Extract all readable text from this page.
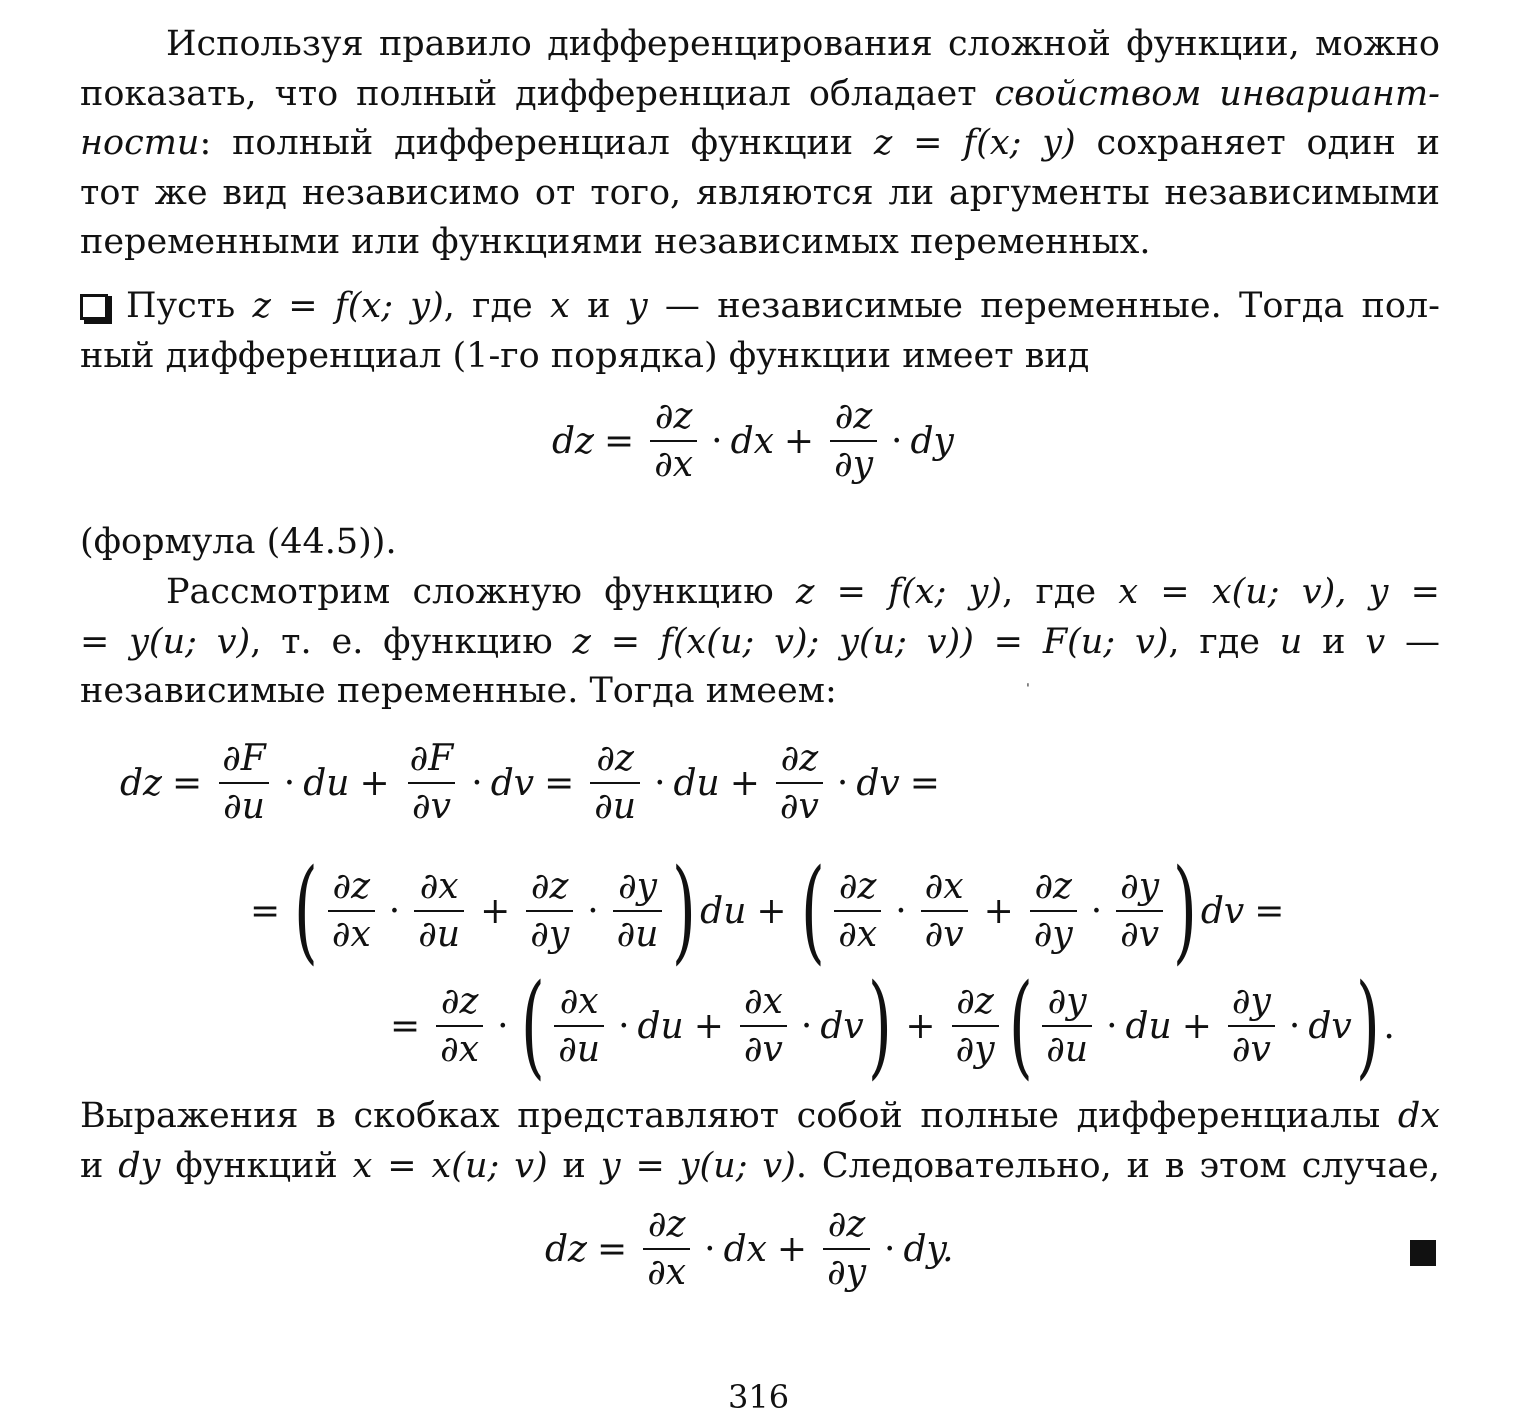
Используя правило дифференцирования сложной функции, можно
показать, что полный дифференциал обладает свойством инвариант-
ности: полный дифференциал функции z = f(x; y) сохраняет один и
тот же вид независимо от того, являются ли аргументы независимыми
переменными или функциями независимых переменных.
Пусть z = f(x; y), где x и y — независимые переменные. Тогда пол-
ный дифференциал (1-го порядка) функции имеет вид
dz = $\frac{\partial z}{\partial x}$ · dx + $\frac{\partial z}{\partial y}$ · dy
(формула (44.5)).
Рассмотрим сложную функцию z = f(x; y), где x = x(u; v), y =
= y(u; v), т. е. функцию z = f(x(u; v); y(u; v)) = F(u; v), где u и v —
независимые переменные. Тогда имеем:	ˈ
dz = $\frac{\partial F}{\partial u}$ · du + $\frac{\partial F}{\partial v}$ · dv = $\frac{\partial z}{\partial u}$ · du + $\frac{\partial z}{\partial v}$ · dv =
= ( $\frac{\partial z}{\partial x} \cdot \frac{\partial x}{\partial u} + \frac{\partial z}{\partial y} \cdot \frac{\partial y}{\partial u}$ ) du + ( $\frac{\partial z}{\partial x} \cdot \frac{\partial x}{\partial v} + \frac{\partial z}{\partial y} \cdot \frac{\partial y}{\partial v}$ ) dv =
= $\frac{\partial z}{\partial x}$ · ( $\frac{\partial x}{\partial u}$ · du + $\frac{\partial x}{\partial v}$ · dv ) + $\frac{\partial z}{\partial y}$ ( $\frac{\partial y}{\partial u}$ · du + $\frac{\partial y}{\partial v}$ · dv ) .
Выражения в скобках представляют собой полные дифференциалы dx
и dy функций x = x(u; v) и y = y(u; v). Следовательно, и в этом случае,
dz = $\frac{\partial z}{\partial x}$ · dx + $\frac{\partial z}{\partial y}$ · dy.
316
